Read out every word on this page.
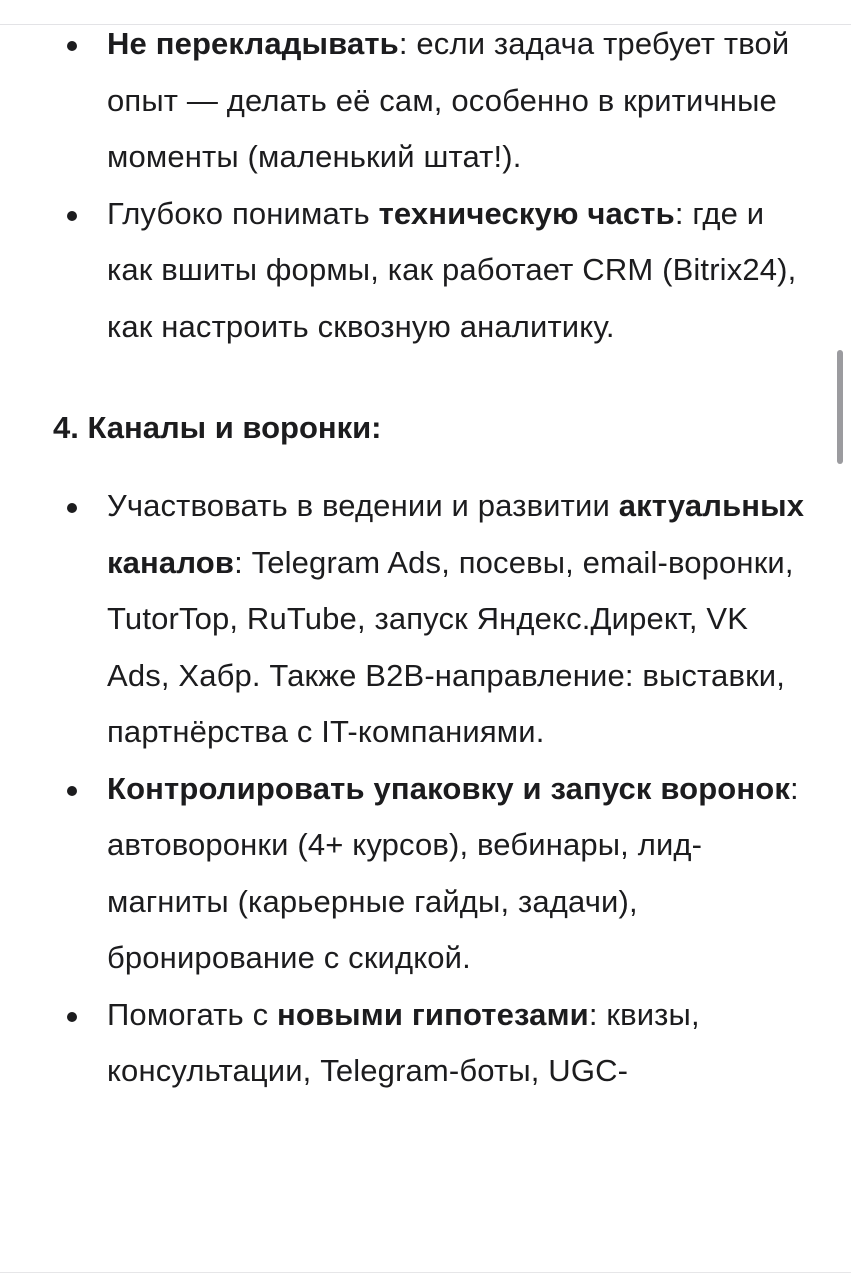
Не перекладывать: если задача требует твой опыт — делать её сам, особенно в критичные моменты (маленький штат!).
Глубоко понимать техническую часть: где и как вшиты формы, как работает CRM (Bitrix24), как настроить сквозную аналитику.
4. Каналы и воронки:
Участвовать в ведении и развитии актуальных каналов: Telegram Ads, посевы, email-воронки, TutorTop, RuTube, запуск Яндекс.Директ, VK Ads, Хабр. Также B2B-направление: выставки, партнёрства с IT-компаниями.
Контролировать упаковку и запуск воронок: автоворонки (4+ курсов), вебинары, лид-магниты (карьерные гайды, задачи), бронирование с скидкой.
Помогать с новыми гипотезами: квизы, консультации, Telegram-боты, UGC-
